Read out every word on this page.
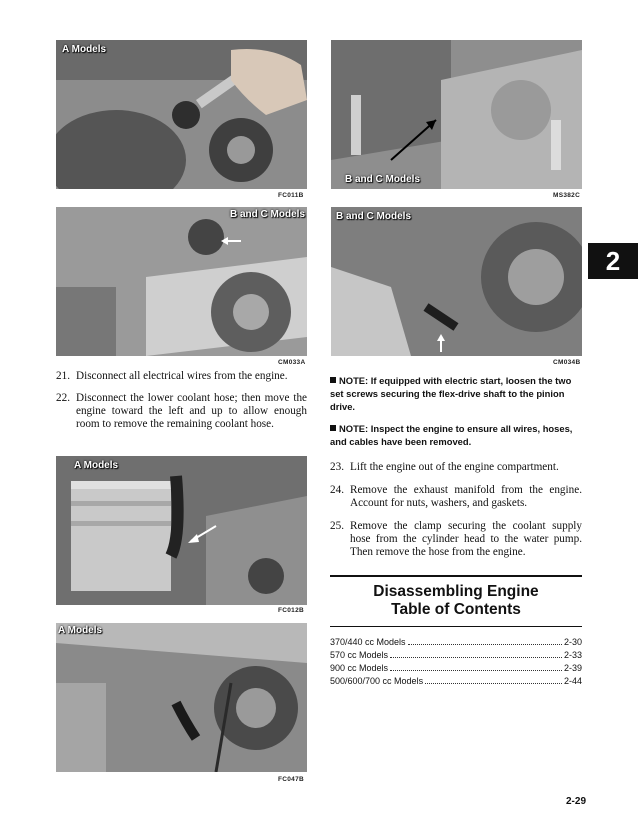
A Models
FC011B
B and C Models
MS382C
B and C Models
CM033A
B and C Models
CM034B
21. Disconnect all electrical wires from the engine.
22. Disconnect the lower coolant hose; then move the engine toward the left and up to allow enough room to remove the remaining coolant hose.
A Models
FC012B
A Models
FC047B
NOTE: If equipped with electric start, loosen the two set screws securing the flex-drive shaft to the pinion drive.
NOTE: Inspect the engine to ensure all wires, hoses, and cables have been removed.
23. Lift the engine out of the engine compartment.
24. Remove the exhaust manifold from the engine. Account for nuts, washers, and gaskets.
25. Remove the clamp securing the coolant supply hose from the cylinder head to the water pump. Then remove the hose from the engine.
Disassembling Engine
Table of Contents
370/440 cc Models	2-30
570 cc Models	2-33
900 cc Models	2-39
500/600/700 cc Models	2-44
2
2-29
